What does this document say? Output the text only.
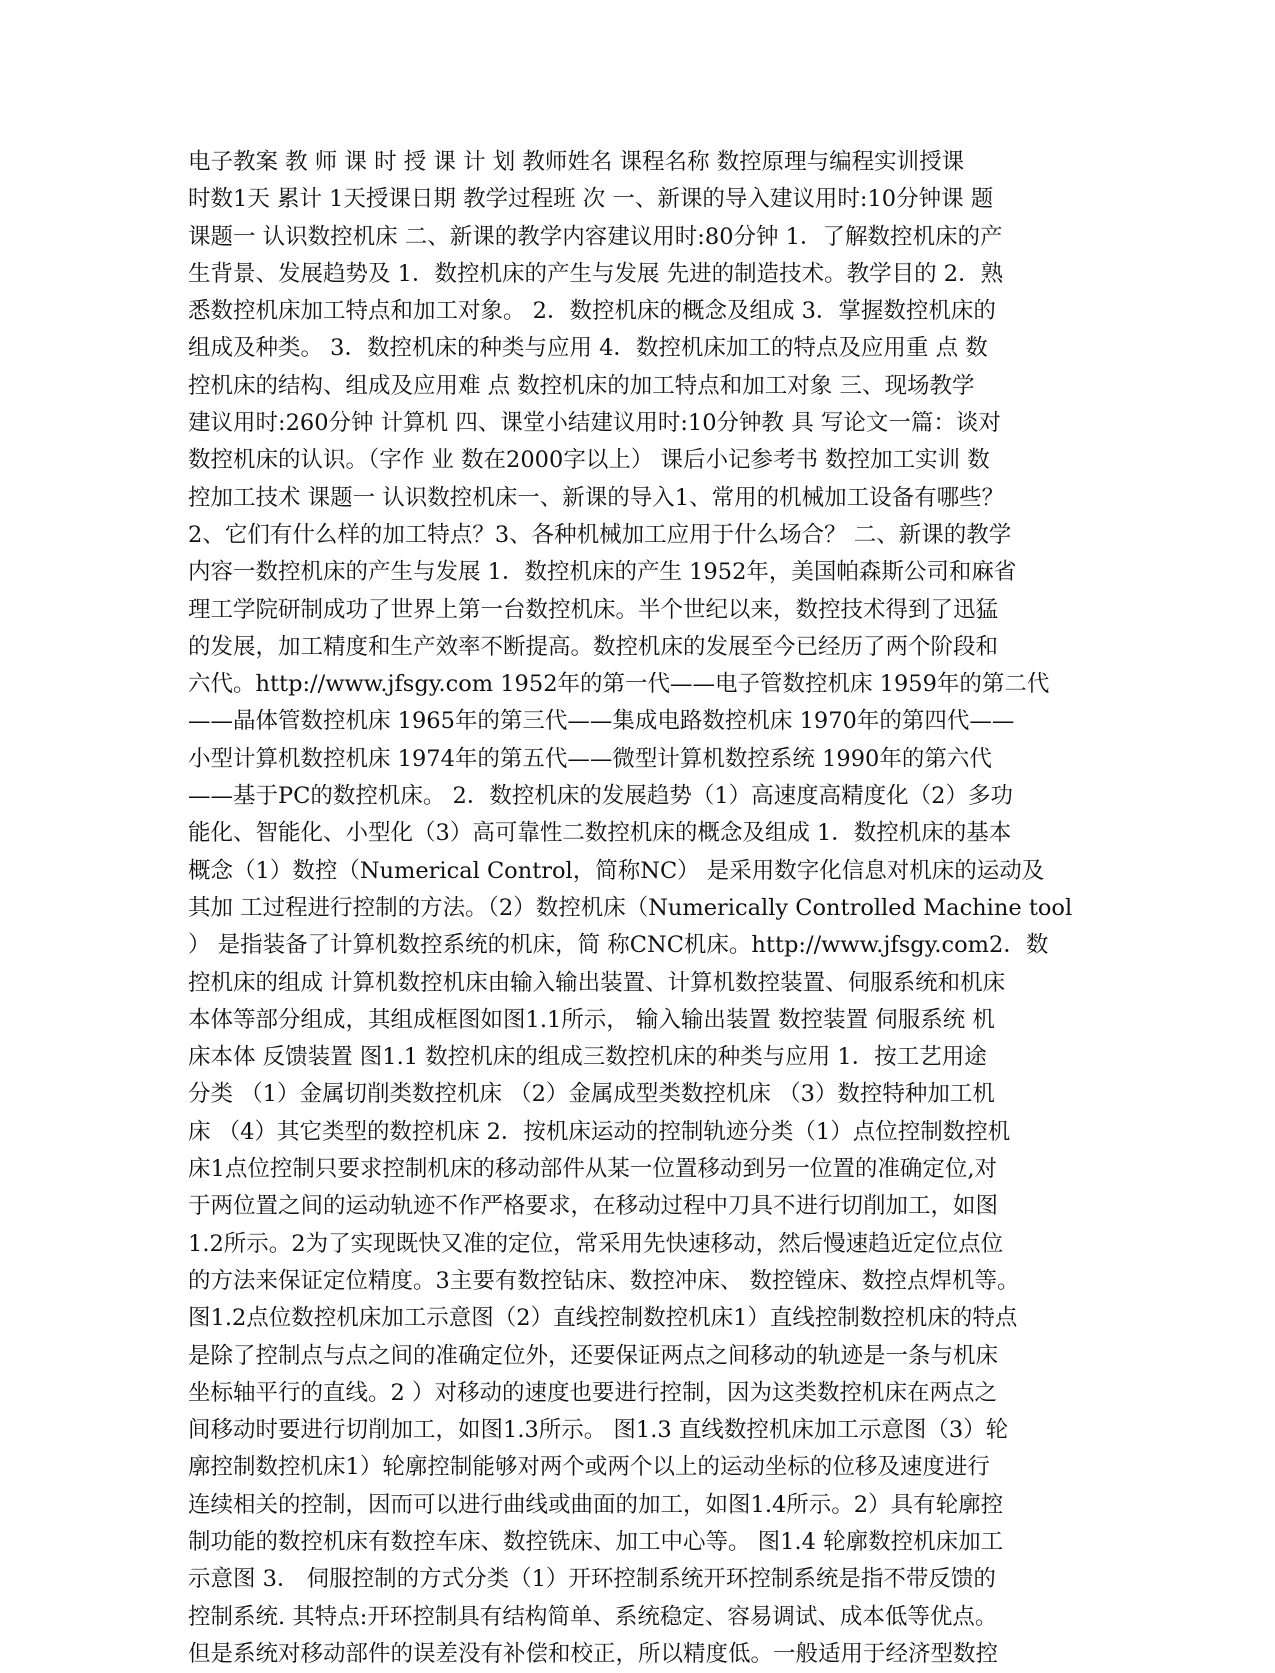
电子教案 教 师 课 时 授 课 计 划 教师姓名 课程名称 数控原理与编程实训授课
时数1天 累计 1天授课日期 教学过程班 次 一、新课的导入建议用时:10分钟课 题
课题一 认识数控机床 二、新课的教学内容建议用时:80分钟 1．了解数控机床的产
生背景、发展趋势及 1．数控机床的产生与发展 先进的制造技术。教学目的 2．熟
悉数控机床加工特点和加工对象。 2．数控机床的概念及组成 3．掌握数控机床的
组成及种类。 3．数控机床的种类与应用 4．数控机床加工的特点及应用重 点 数
控机床的结构、组成及应用难 点 数控机床的加工特点和加工对象 三、现场教学
建议用时:260分钟 计算机 四、课堂小结建议用时:10分钟教 具 写论文一篇：谈对
数控机床的认识。（字作 业 数在2000字以上） 课后小记参考书 数控加工实训 数
控加工技术 课题一 认识数控机床一、新课的导入1、常用的机械加工设备有哪些？
2、它们有什么样的加工特点？3、各种机械加工应用于什么场合？ 二、新课的教学
内容一数控机床的产生与发展 1．数控机床的产生 1952年，美国帕森斯公司和麻省
理工学院研制成功了世界上第一台数控机床。半个世纪以来，数控技术得到了迅猛
的发展，加工精度和生产效率不断提高。数控机床的发展至今已经历了两个阶段和
六代。http://www.jfsgy.com 1952年的第一代——电子管数控机床 1959年的第二代
——晶体管数控机床 1965年的第三代——集成电路数控机床 1970年的第四代——
小型计算机数控机床 1974年的第五代——微型计算机数控系统 1990年的第六代
——基于PC的数控机床。 2．数控机床的发展趋势（1）高速度高精度化（2）多功
能化、智能化、小型化（3）高可靠性二数控机床的概念及组成 1．数控机床的基本
概念（1）数控（Numerical Control，简称NC） 是采用数字化信息对机床的运动及
其加 工过程进行控制的方法。（2）数控机床（Numerically Controlled Machine tool
） 是指装备了计算机数控系统的机床，简 称CNC机床。http://www.jfsgy.com2．数
控机床的组成 计算机数控机床由输入输出装置、计算机数控装置、伺服系统和机床
本体等部分组成，其组成框图如图1.1所示， 输入输出装置 数控装置 伺服系统 机
床本体 反馈装置 图1.1 数控机床的组成三数控机床的种类与应用 1．按工艺用途
分类 （1）金属切削类数控机床 （2）金属成型类数控机床 （3）数控特种加工机
床 （4）其它类型的数控机床 2．按机床运动的控制轨迹分类（1）点位控制数控机
床1点位控制只要求控制机床的移动部件从某一位置移动到另一位置的准确定位,对
于两位置之间的运动轨迹不作严格要求，在移动过程中刀具不进行切削加工，如图
1.2所示。2为了实现既快又准的定位，常采用先快速移动，然后慢速趋近定位点位
的方法来保证定位精度。3主要有数控钻床、数控冲床、 数控镗床、数控点焊机等。
图1.2点位数控机床加工示意图（2）直线控制数控机床1）直线控制数控机床的特点
是除了控制点与点之间的准确定位外，还要保证两点之间移动的轨迹是一条与机床
坐标轴平行的直线。2 ）对移动的速度也要进行控制，因为这类数控机床在两点之
间移动时要进行切削加工，如图1.3所示。 图1.3 直线数控机床加工示意图（3）轮
廓控制数控机床1）轮廓控制能够对两个或两个以上的运动坐标的位移及速度进行
连续相关的控制，因而可以进行曲线或曲面的加工，如图1.4所示。2）具有轮廓控
制功能的数控机床有数控车床、数控铣床、加工中心等。 图1.4 轮廓数控机床加工
示意图 3． 伺服控制的方式分类（1）开环控制系统开环控制系统是指不带反馈的
控制系统. 其特点:开环控制具有结构简单、系统稳定、容易调试、成本低等优点。
但是系统对移动部件的误差没有补偿和校正，所以精度低。一般适用于经济型数控
